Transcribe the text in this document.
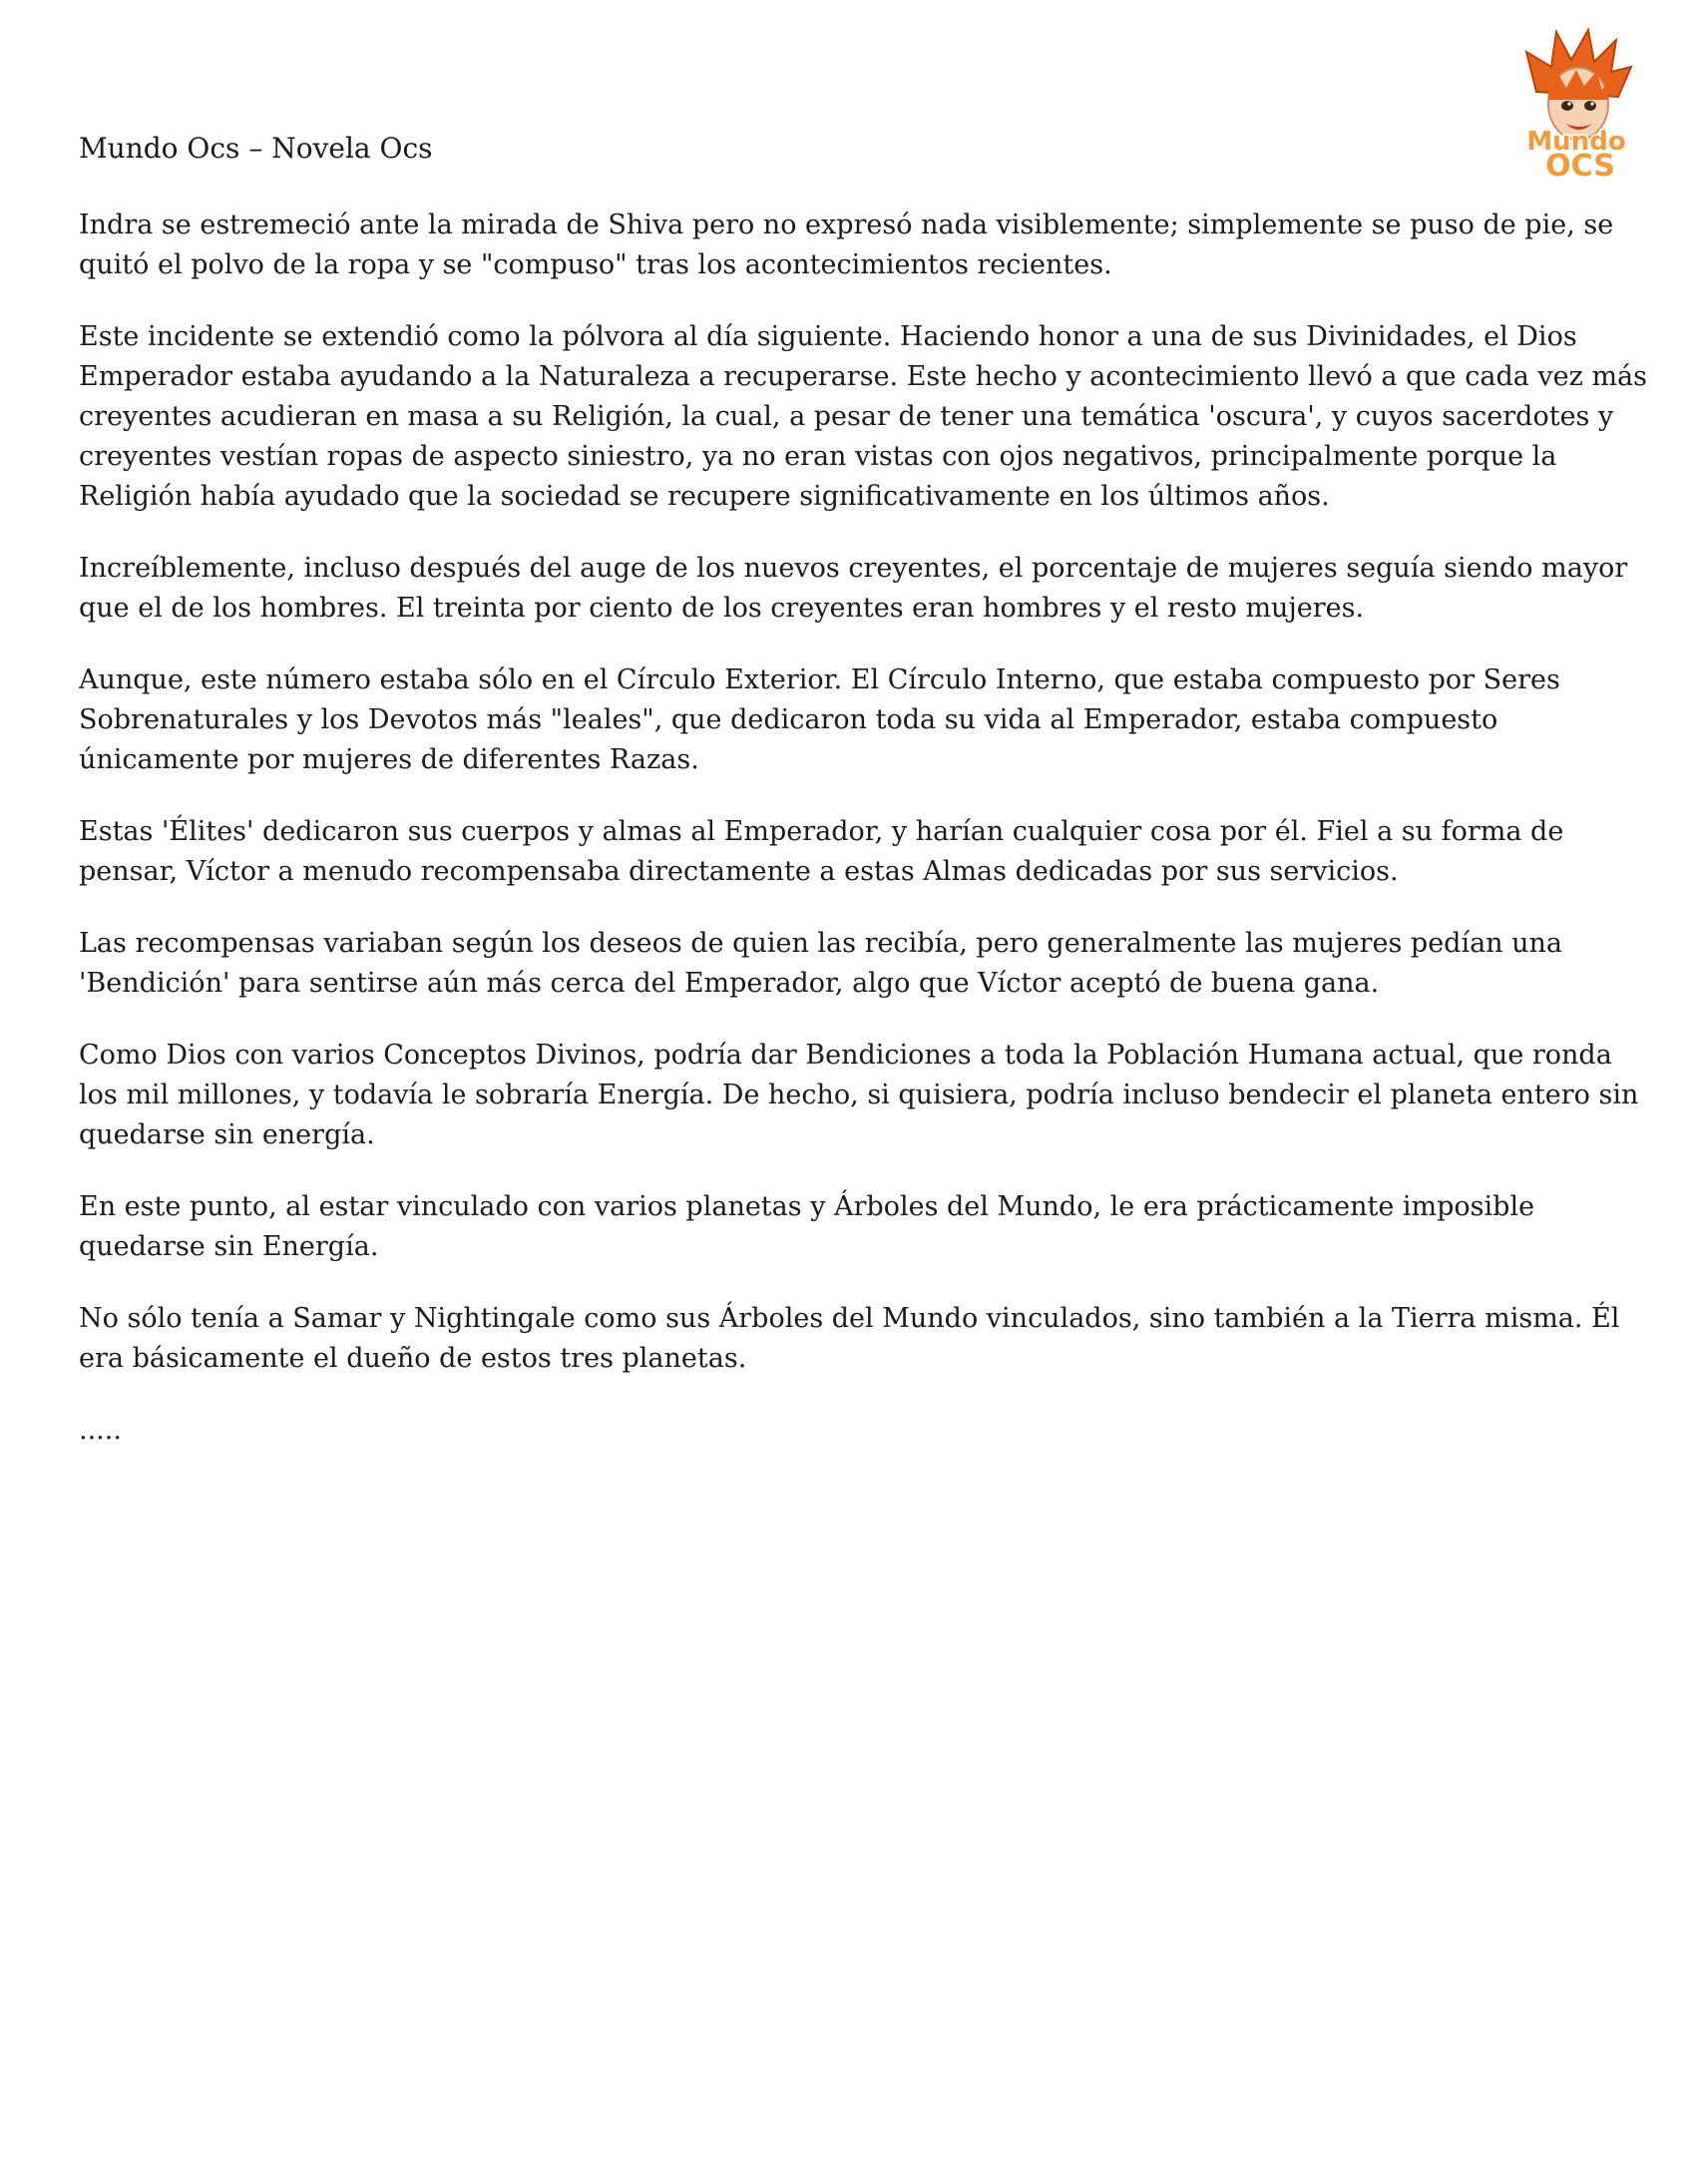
Mundo
OCS
Mundo Ocs – Novela Ocs

Indra se estremeció ante la mirada de Shiva pero no expresó nada visiblemente; simplemente se puso de pie, se quitó el polvo de la ropa y se "compuso" tras los acontecimientos recientes.

Este incidente se extendió como la pólvora al día siguiente. Haciendo honor a una de sus Divinidades, el Dios Emperador estaba ayudando a la Naturaleza a recuperarse. Este hecho y acontecimiento llevó a que cada vez más creyentes acudieran en masa a su Religión, la cual, a pesar de tener una temática 'oscura', y cuyos sacerdotes y creyentes vestían ropas de aspecto siniestro, ya no eran vistas con ojos negativos, principalmente porque la Religión había ayudado que la sociedad se recupere significativamente en los últimos años.

Increíblemente, incluso después del auge de los nuevos creyentes, el porcentaje de mujeres seguía siendo mayor que el de los hombres. El treinta por ciento de los creyentes eran hombres y el resto mujeres.

Aunque, este número estaba sólo en el Círculo Exterior. El Círculo Interno, que estaba compuesto por Seres Sobrenaturales y los Devotos más "leales", que dedicaron toda su vida al Emperador, estaba compuesto únicamente por mujeres de diferentes Razas.

Estas 'Élites' dedicaron sus cuerpos y almas al Emperador, y harían cualquier cosa por él. Fiel a su forma de pensar, Víctor a menudo recompensaba directamente a estas Almas dedicadas por sus servicios.

Las recompensas variaban según los deseos de quien las recibía, pero generalmente las mujeres pedían una 'Bendición' para sentirse aún más cerca del Emperador, algo que Víctor aceptó de buena gana.

Como Dios con varios Conceptos Divinos, podría dar Bendiciones a toda la Población Humana actual, que ronda los mil millones, y todavía le sobraría Energía. De hecho, si quisiera, podría incluso bendecir el planeta entero sin quedarse sin energía.

En este punto, al estar vinculado con varios planetas y Árboles del Mundo, le era prácticamente imposible quedarse sin Energía.

No sólo tenía a Samar y Nightingale como sus Árboles del Mundo vinculados, sino también a la Tierra misma. Él era básicamente el dueño de estos tres planetas.

.....
